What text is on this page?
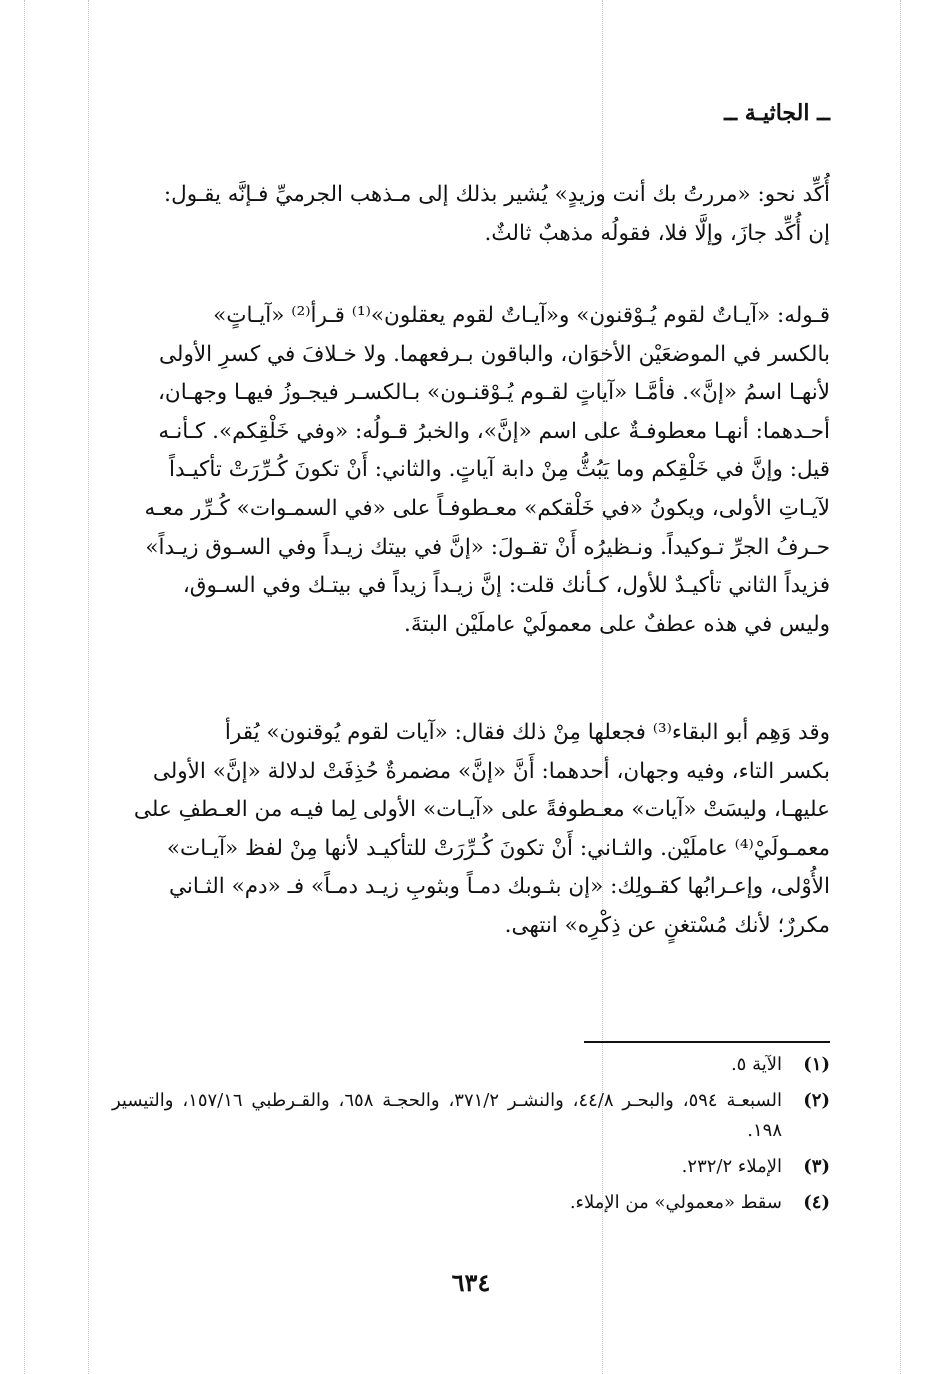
ــ الجاثيـة ــ

أُكِّد نحو: «مررتُ بك أنت وزيدٍ» يُشير بذلك إلى مـذهب الجرميِّ فـإنَّه يقـول:

إن أُكِّد جازَ، وإلَّا فلا، فقولُه مذهبٌ ثالثٌ.

قـوله: «آيـاتٌ لقوم يُـوْقنون» و«آيـاتٌ لقوم يعقلون»⁽¹⁾ قـرأ⁽²⁾ «آيـاتٍ»

بالكسر في الموضعَيْن الأخوَان، والباقون بـرفعهما. ولا خـلافَ في كسرِ الأولى

لأنهـا اسمُ «إنَّ». فأمَّـا «آياتٍ لقـوم يُـوْقنـون» بـالكسـر فيجـوزُ فيهـا وجهـان،

أحـدهما: أنهـا معطوفـةٌ على اسم «إنَّ»، والخبرُ قـولُه: «وفي خَلْقِكم». كـأنـه

قيل: وإنَّ في خَلْقِكم وما يَبُثُّ مِنْ دابة آياتٍ. والثاني: أَنْ تكونَ كُـرِّرَتْ تأكيـداً

لآيـاتِ الأولى، ويكونُ «في خَلْقكم» معـطوفـاً على «في السمـوات» كُـرِّر معـه

حـرفُ الجرِّ تـوكيداً. ونـظيرُه أَنْ تقـولَ: «إنَّ في بيتك زيـداً وفي السـوق زيـداً»

فزيداً الثاني تأكيـدٌ للأول، كـأنك قلت: إنَّ زيـداً زيداً في بيتـك وفي السـوق،

وليس في هذه عطفٌ على معمولَيْ عاملَيْن البتةَ.

وقد وَهِم أبو البقاء⁽³⁾ فجعلها مِنْ ذلك فقال: «آيات لقوم يُوقنون» يُقرأ

بكسر التاء، وفيه وجهان، أحدهما: أَنَّ «إنَّ» مضمرةٌ حُذِفَتْ لدلالة «إنَّ» الأولى

عليهـا، وليسَتْ «آيات» معـطوفةً على «آيـات» الأولى لِما فيـه من العـطفِ على

معمـولَيْ⁽⁴⁾ عاملَيْن. والثـاني: أَنْ تكونَ كُـرِّرَتْ للتأكيـد لأنها مِنْ لفظ «آيـات»

الأُوْلى، وإعـرابُها كقـولِك: «إن بثـوبك دمـاً وبثوبِ زيـد دمـاً» فـ «دم» الثـاني

مكررٌ؛ لأنك مُسْتغنٍ عن ذِكْرِه» انتهى.

(١)
الآية ٥.
(٢)
السبعـة ٥٩٤، والبحـر ٤٤/٨، والنشـر ٣٧١/٢، والحجـة ٦٥٨، والقـرطبي ١٥٧/١٦، والتيسير ١٩٨.
(٣)
الإملاء ٢٣٢/٢.
(٤)
سقط «معمولي» من الإملاء.
٦٣٤
